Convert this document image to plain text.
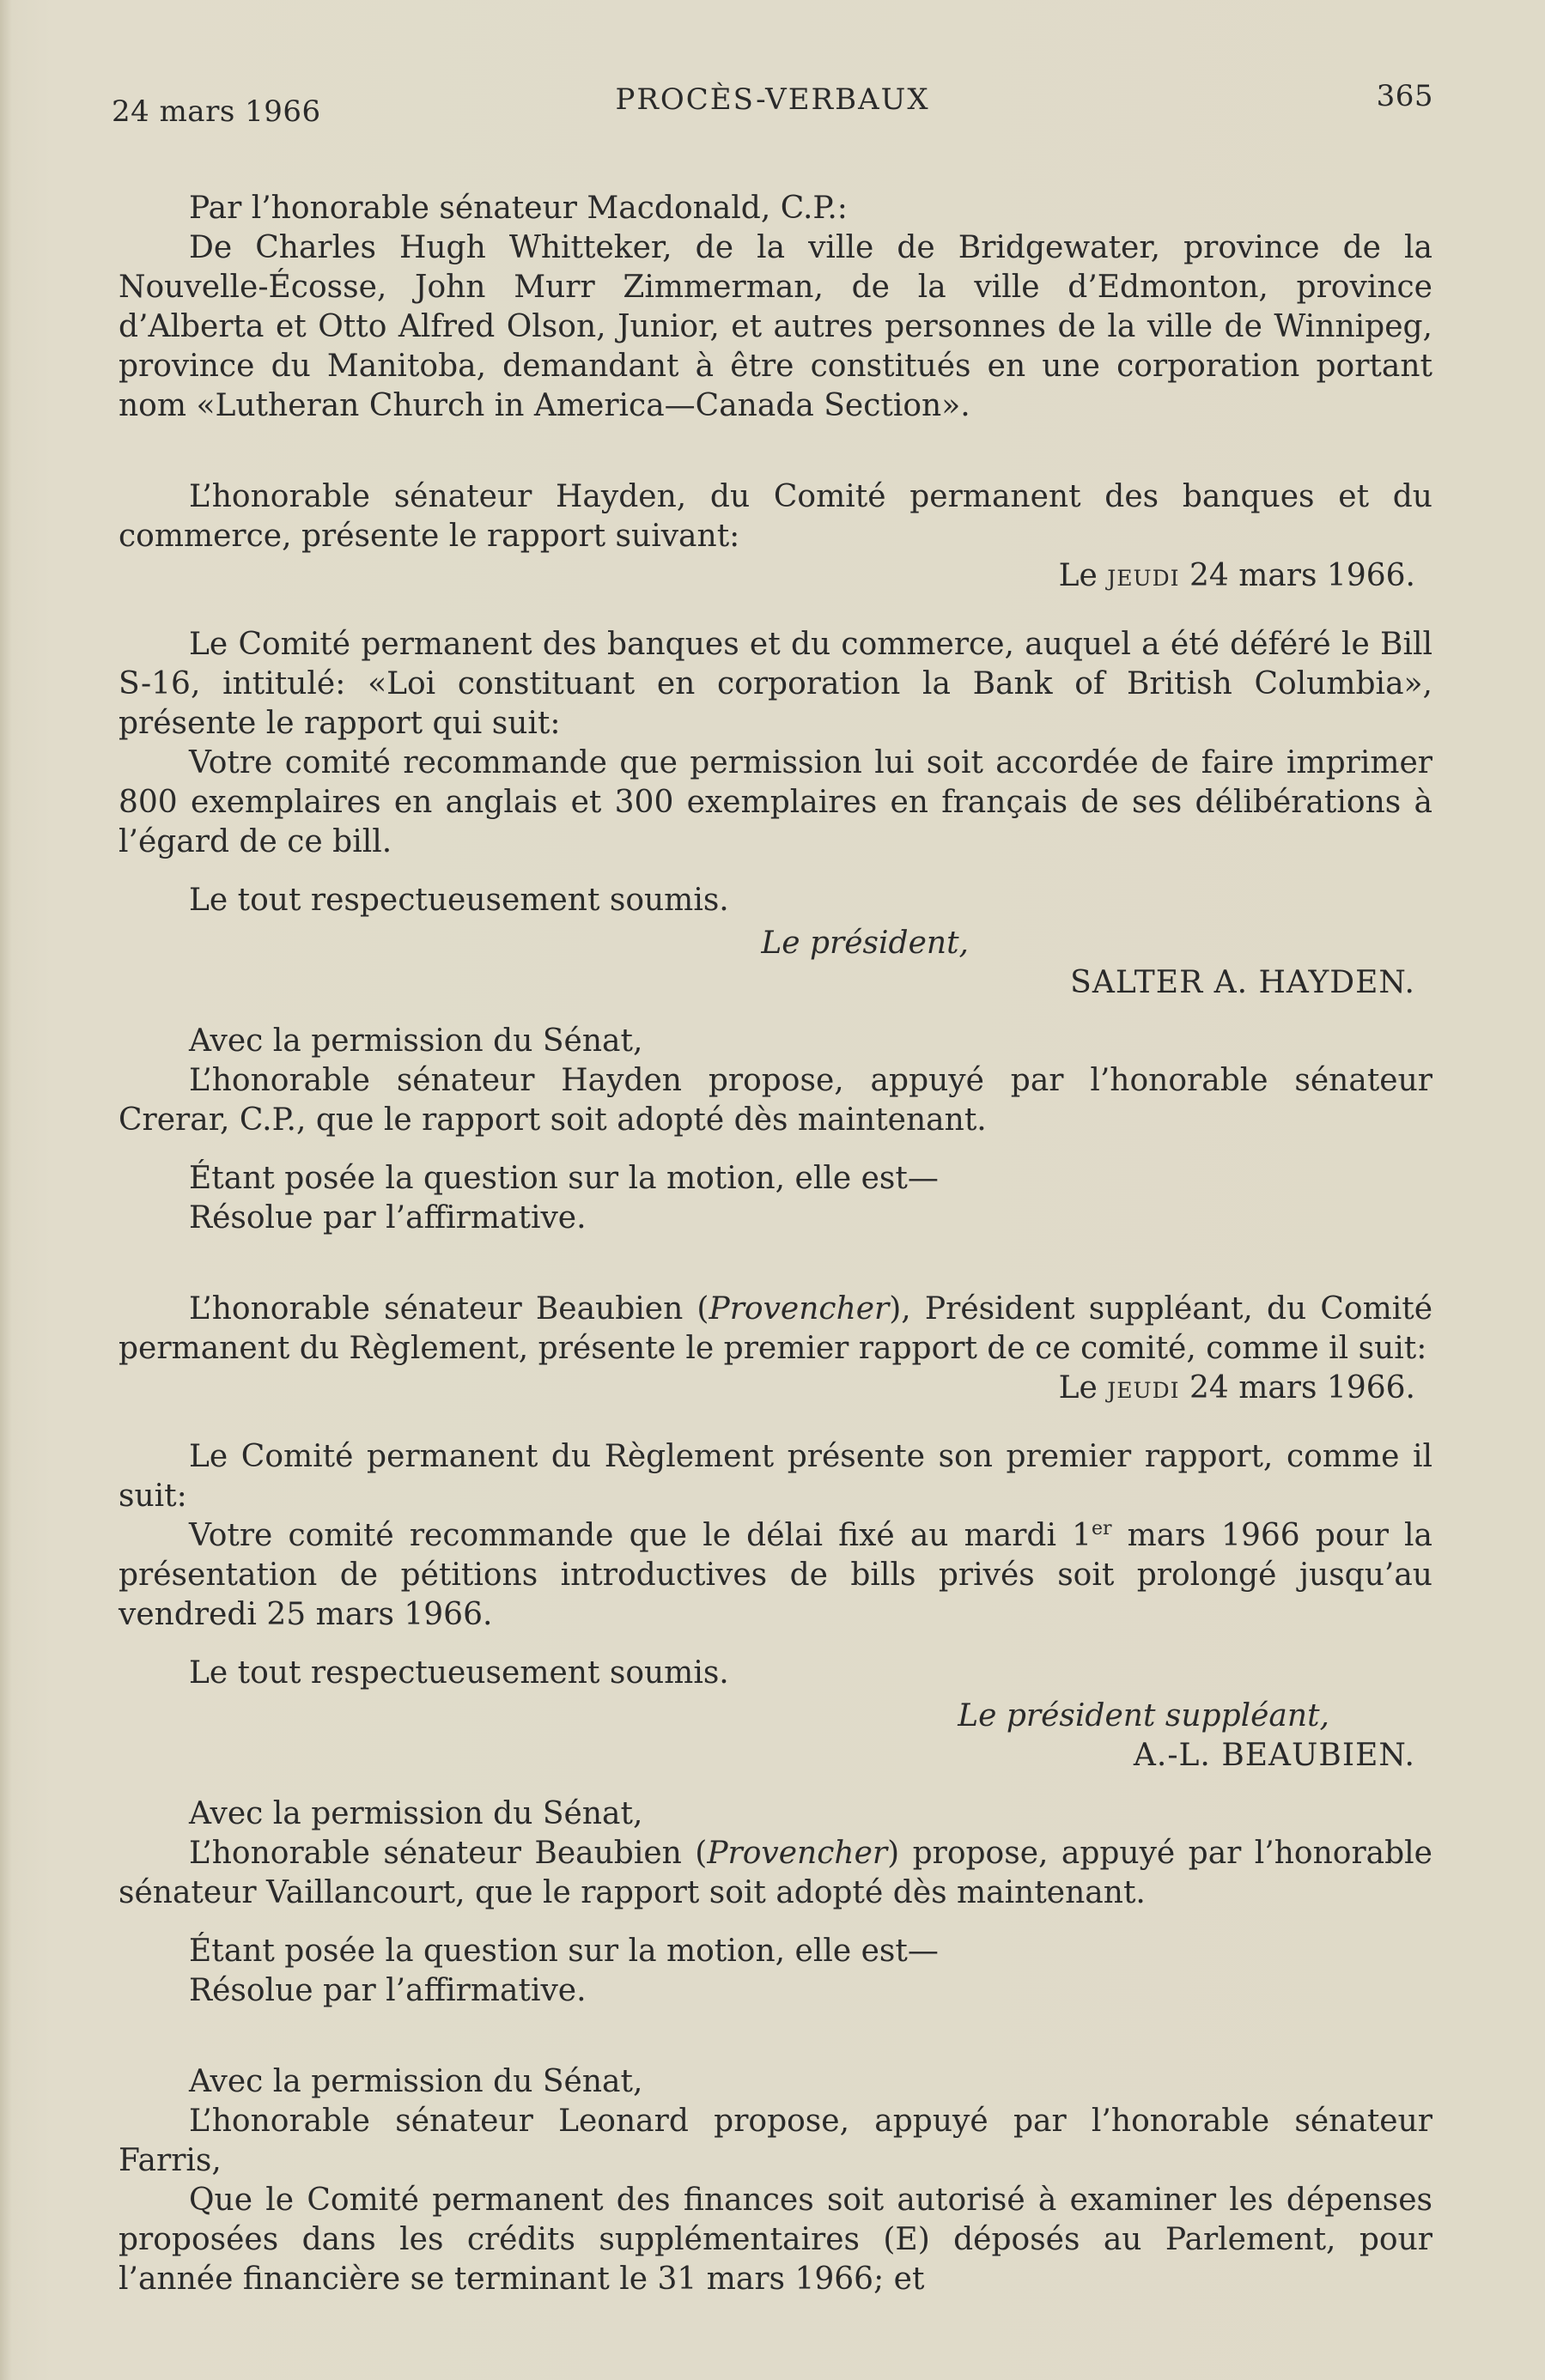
24 mars 1966	PROCÈS-VERBAUX	365

Par l’honorable sénateur Macdonald, C.P.:

De Charles Hugh Whitteker, de la ville de Bridgewater, province de la Nouvelle-Écosse, John Murr Zimmerman, de la ville d’Edmonton, province d’Alberta et Otto Alfred Olson, Junior, et autres personnes de la ville de Winnipeg, province du Manitoba, demandant à être constitués en une corporation portant nom «Lutheran Church in America—Canada Section».

L’honorable sénateur Hayden, du Comité permanent des banques et du commerce, présente le rapport suivant:

Le jeudi 24 mars 1966.

Le Comité permanent des banques et du commerce, auquel a été déféré le Bill S-16, intitulé: «Loi constituant en corporation la Bank of British Columbia», présente le rapport qui suit:

Votre comité recommande que permission lui soit accordée de faire imprimer 800 exemplaires en anglais et 300 exemplaires en français de ses délibérations à l’égard de ce bill.

Le tout respectueusement soumis.

Le président,

SALTER A. HAYDEN.

Avec la permission du Sénat,

L’honorable sénateur Hayden propose, appuyé par l’honorable sénateur Crerar, C.P., que le rapport soit adopté dès maintenant.

Étant posée la question sur la motion, elle est—

Résolue par l’affirmative.

L’honorable sénateur Beaubien (Provencher), Président suppléant, du Comité permanent du Règlement, présente le premier rapport de ce comité, comme il suit:

Le jeudi 24 mars 1966.

Le Comité permanent du Règlement présente son premier rapport, comme il suit:

Votre comité recommande que le délai fixé au mardi 1er mars 1966 pour la présentation de pétitions introductives de bills privés soit prolongé jusqu’au vendredi 25 mars 1966.

Le tout respectueusement soumis.

Le président suppléant,

A.-L. BEAUBIEN.

Avec la permission du Sénat,

L’honorable sénateur Beaubien (Provencher) propose, appuyé par l’honorable sénateur Vaillancourt, que le rapport soit adopté dès maintenant.

Étant posée la question sur la motion, elle est—

Résolue par l’affirmative.

Avec la permission du Sénat,

L’honorable sénateur Leonard propose, appuyé par l’honorable sénateur Farris,

Que le Comité permanent des finances soit autorisé à examiner les dépenses proposées dans les crédits supplémentaires (E) déposés au Parlement, pour l’année financière se terminant le 31 mars 1966; et
